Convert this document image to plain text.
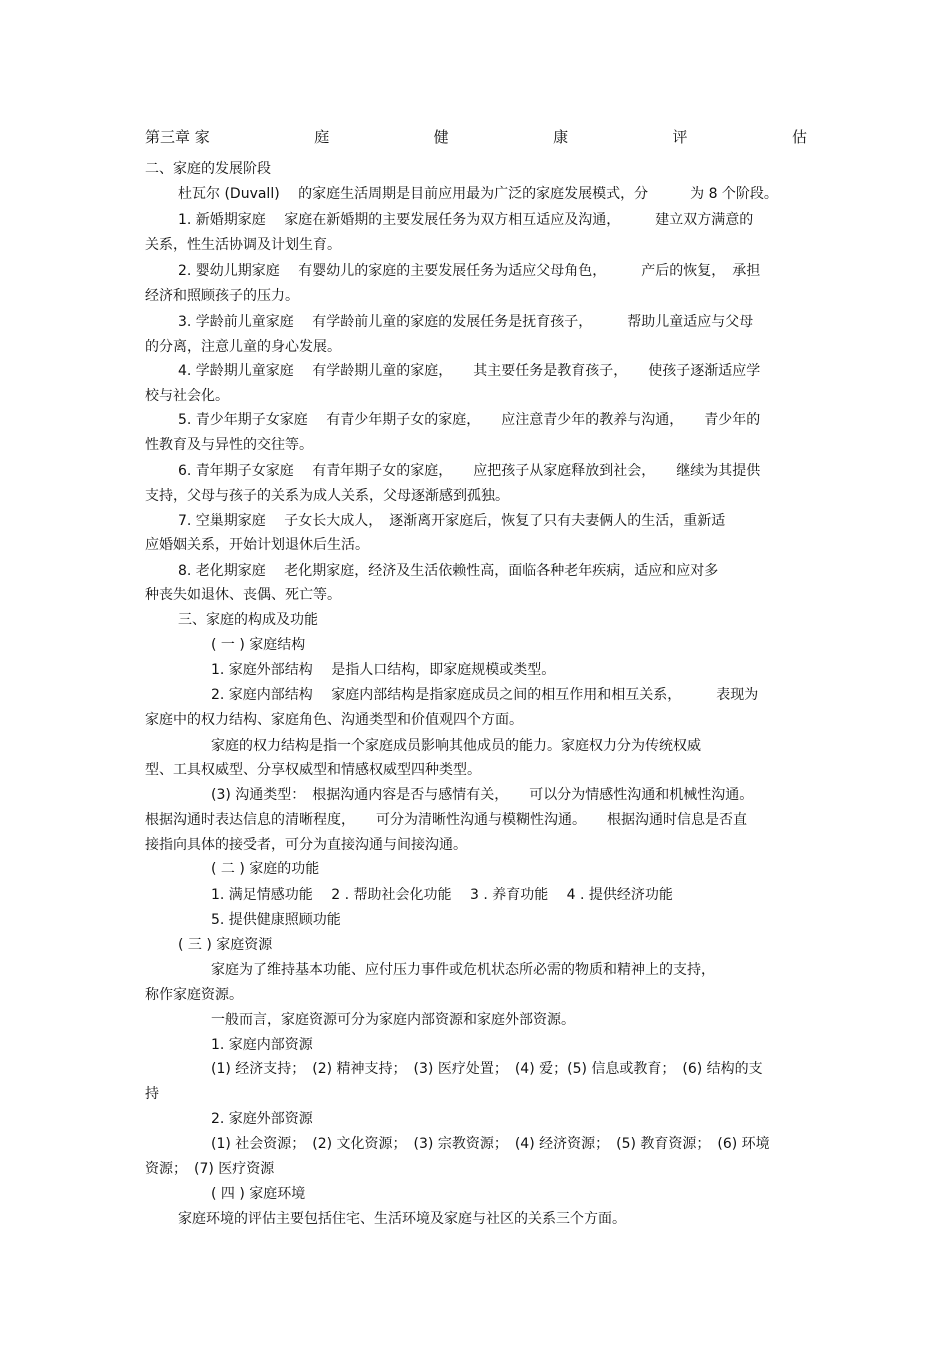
第三章 家	庭	健	康	评	估
二、家庭的发展阶段
杜瓦尔 (Duvall)　 的家庭生活周期是目前应用最为广泛的家庭发展模式，分　　　为 8 个阶段。
1. 新婚期家庭　 家庭在新婚期的主要发展任务为双方相互适应及沟通，　　　建立双方满意的
关系，性生活协调及计划生育。
2. 婴幼儿期家庭　 有婴幼儿的家庭的主要发展任务为适应父母角色，　　　产后的恢复，　承担
经济和照顾孩子的压力。
3. 学龄前儿童家庭　 有学龄前儿童的家庭的发展任务是抚育孩子，　　　帮助儿童适应与父母
的分离，注意儿童的身心发展。
4. 学龄期儿童家庭　 有学龄期儿童的家庭，　　其主要任务是教育孩子，　　使孩子逐渐适应学
校与社会化。
5. 青少年期子女家庭　 有青少年期子女的家庭，　　应注意青少年的教养与沟通，　　青少年的
性教育及与异性的交往等。
6. 青年期子女家庭　 有青年期子女的家庭，　　应把孩子从家庭释放到社会，　　继续为其提供
支持，父母与孩子的关系为成人关系，父母逐渐感到孤独。
7. 空巢期家庭　 子女长大成人，　逐渐离开家庭后，恢复了只有夫妻俩人的生活，重新适
应婚姻关系，开始计划退休后生活。
8. 老化期家庭　 老化期家庭，经济及生活依赖性高，面临各种老年疾病，适应和应对多
种丧失如退休、丧偶、死亡等。
三、家庭的构成及功能
( 一 ) 家庭结构
1. 家庭外部结构　 是指人口结构，即家庭规模或类型。
2. 家庭内部结构　 家庭内部结构是指家庭成员之间的相互作用和相互关系，　　　表现为
家庭中的权力结构、家庭角色、沟通类型和价值观四个方面。
家庭的权力结构是指一个家庭成员影响其他成员的能力。家庭权力分为传统权威
型、工具权威型、分享权威型和情感权威型四种类型。
(3) 沟通类型：　根据沟通内容是否与感情有关，　　可以分为情感性沟通和机械性沟通。
根据沟通时表达信息的清晰程度，　　可分为清晰性沟通与模糊性沟通。　　根据沟通时信息是否直
接指向具体的接受者，可分为直接沟通与间接沟通。
( 二 ) 家庭的功能
1. 满足情感功能　 2 . 帮助社会化功能　 3 . 养育功能　 4 . 提供经济功能
5. 提供健康照顾功能
( 三 ) 家庭资源
家庭为了维持基本功能、应付压力事件或危机状态所必需的物质和精神上的支持，
称作家庭资源。
一般而言，家庭资源可分为家庭内部资源和家庭外部资源。
1. 家庭内部资源
(1) 经济支持；　(2) 精神支持；　(3) 医疗处置；　(4) 爱；(5) 信息或教育；　(6) 结构的支
持
2. 家庭外部资源
(1) 社会资源；　(2) 文化资源；　(3) 宗教资源；　(4) 经济资源；　(5) 教育资源；　(6) 环境
资源；　(7) 医疗资源
( 四 ) 家庭环境
家庭环境的评估主要包括住宅、生活环境及家庭与社区的关系三个方面。
